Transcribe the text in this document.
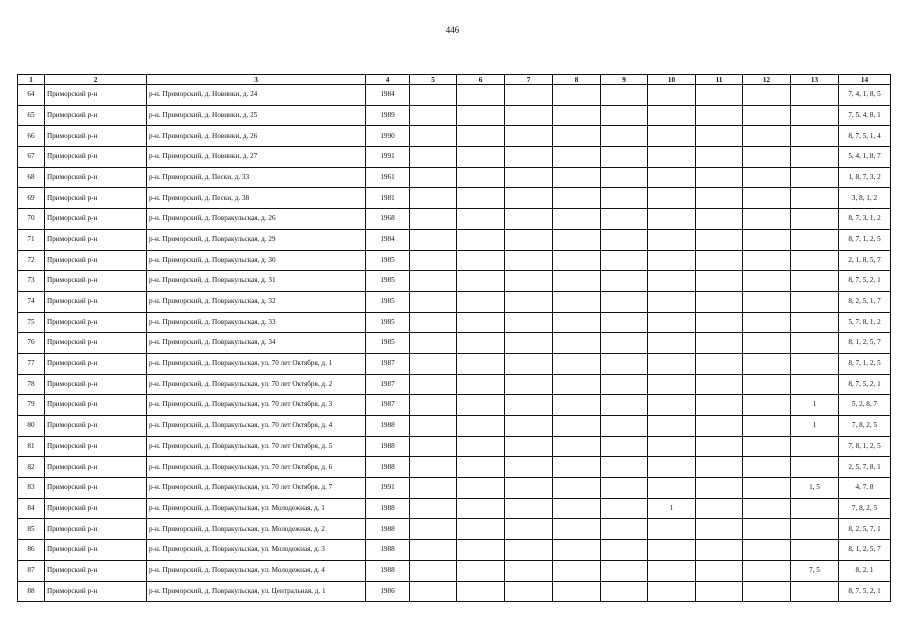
446
1	2	3	4	5	6	7	8	9	10	11	12	13	14
64	Приморский р-н	р-н. Приморский, д. Новинки, д. 24	1984										7, 4, 1, 8, 5
65	Приморский р-н	р-н. Приморский, д. Новинки, д. 25	1989										7, 5, 4, 8, 1
66	Приморский р-н	р-н. Приморский, д. Новинки, д. 26	1990										8, 7, 5, 1, 4
67	Приморский р-н	р-н. Приморский, д. Новинки, д. 27	1991										5, 4, 1, 8, 7
68	Приморский р-н	р-н. Приморский, д. Пески, д. 33	1961										1, 8, 7, 3, 2
69	Приморский р-н	р-н. Приморский, д. Пески, д. 38	1981										3, 8, 1, 2
70	Приморский р-н	р-н. Приморский, д. Повракульская, д. 26	1968										8, 7, 3, 1, 2
71	Приморский р-н	р-н. Приморский, д. Повракульская, д. 29	1984										8, 7, 1, 2, 5
72	Приморский р-н	р-н. Приморский, д. Повракульская, д. 30	1985										2, 1, 8, 5, 7
73	Приморский р-н	р-н. Приморский, д. Повракульская, д. 31	1985										8, 7, 5, 2, 1
74	Приморский р-н	р-н. Приморский, д. Повракульская, д. 32	1985										8, 2, 5, 1, 7
75	Приморский р-н	р-н. Приморский, д. Повракульская, д. 33	1985										5, 7, 8, 1, 2
76	Приморский р-н	р-н. Приморский, д. Повракульская, д. 34	1985										8, 1, 2, 5, 7
77	Приморский р-н	р-н. Приморский, д. Повракульская, ул. 70 лет Октября, д. 1	1987										8, 7, 1, 2, 5
78	Приморский р-н	р-н. Приморский, д. Повракульская, ул. 70 лет Октября, д. 2	1987										8, 7, 5, 2, 1
79	Приморский р-н	р-н. Приморский, д. Повракульская, ул. 70 лет Октября, д. 3	1987									1	5, 2, 8, 7
80	Приморский р-н	р-н. Приморский, д. Повракульская, ул. 70 лет Октября, д. 4	1988									1	7, 8, 2, 5
81	Приморский р-н	р-н. Приморский, д. Повракульская, ул. 70 лет Октября, д. 5	1988										7, 8, 1, 2, 5
82	Приморский р-н	р-н. Приморский, д. Повракульская, ул. 70 лет Октября, д. 6	1988										2, 5, 7, 8, 1
83	Приморский р-н	р-н. Приморский, д. Повракульская, ул. 70 лет Октября, д. 7	1991									1, 5	4, 7, 8
84	Приморский р-н	р-н. Приморский, д. Повракульская, ул. Молодежная, д. 1	1988						1				7, 8, 2, 5
85	Приморский р-н	р-н. Приморский, д. Повракульская, ул. Молодежная, д. 2	1988										8, 2, 5, 7, 1
86	Приморский р-н	р-н. Приморский, д. Повракульская, ул. Молодежная, д. 3	1988										8, 1, 2, 5, 7
87	Приморский р-н	р-н. Приморский, д. Повракульская, ул. Молодежная, д. 4	1988									7, 5	8, 2, 1
88	Приморский р-н	р-н. Приморский, д. Повракульская, ул. Центральная, д. 1	1986										8, 7, 5, 2, 1
